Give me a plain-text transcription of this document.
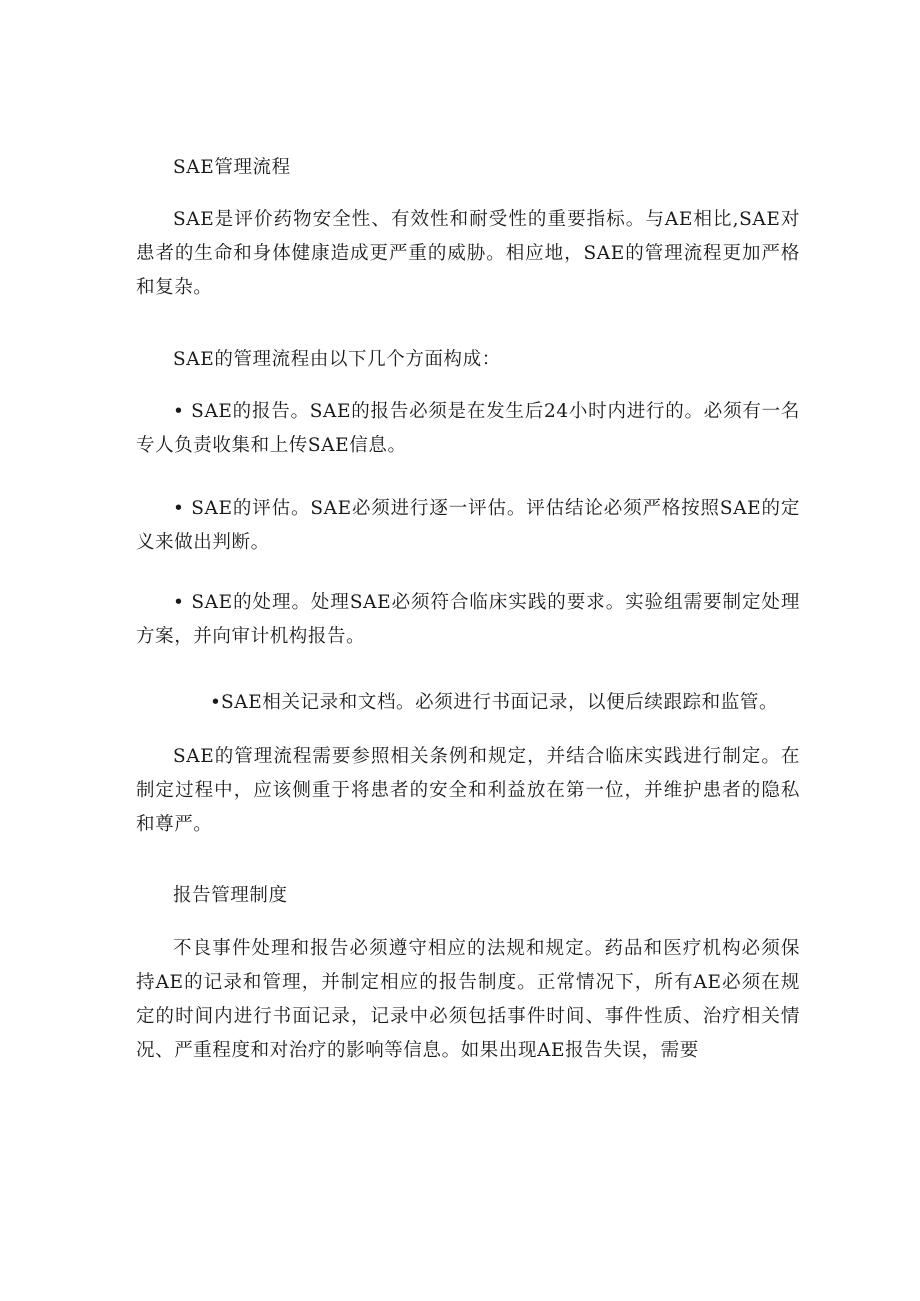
SAE管理流程

SAE是评价药物安全性、有效性和耐受性的重要指标。与AE相比,SAE对患者的生命和身体健康造成更严重的威胁。相应地，SAE的管理流程更加严格和复杂。

SAE的管理流程由以下几个方面构成：

• SAE的报告。SAE的报告必须是在发生后24小时内进行的。必须有一名专人负责收集和上传SAE信息。

• SAE的评估。SAE必须进行逐一评估。评估结论必须严格按照SAE的定义来做出判断。

• SAE的处理。处理SAE必须符合临床实践的要求。实验组需要制定处理方案，并向审计机构报告。

•SAE相关记录和文档。必须进行书面记录，以便后续跟踪和监管。

SAE的管理流程需要参照相关条例和规定，并结合临床实践进行制定。在制定过程中，应该侧重于将患者的安全和利益放在第一位，并维护患者的隐私和尊严。

报告管理制度

不良事件处理和报告必须遵守相应的法规和规定。药品和医疗机构必须保持AE的记录和管理，并制定相应的报告制度。正常情况下，所有AE必须在规定的时间内进行书面记录，记录中必须包括事件时间、事件性质、治疗相关情况、严重程度和对治疗的影响等信息。如果出现AE报告失误，需要
